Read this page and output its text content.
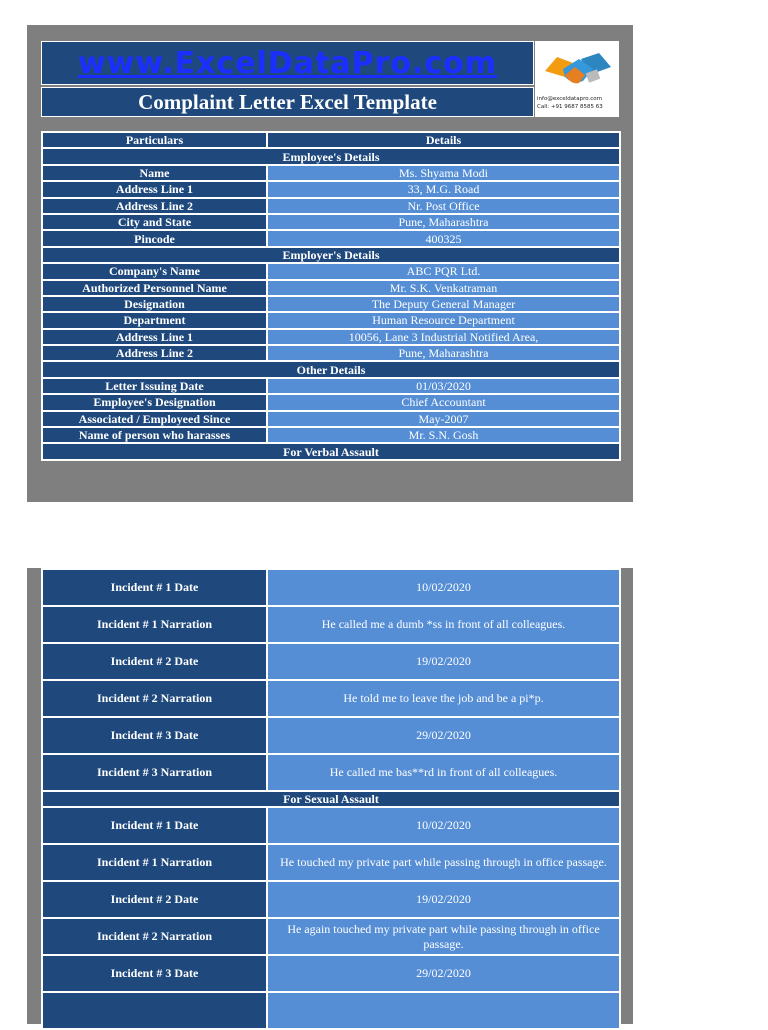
www.ExcelDataPro.com
Complaint Letter Excel Template	info@exceldatapro.com
Call: +91 9687 8585 63
Particulars	Details
Employee's Details	
Name	Ms. Shyama Modi
Address Line 1	33, M.G. Road
Address Line 2	Nr. Post Office
City and State	Pune, Maharashtra
Pincode	400325
Employer's Details	
Company's Name	ABC PQR Ltd.
Authorized Personnel Name	Mr. S.K. Venkatraman
Designation	The Deputy General Manager
Department	Human Resource Department
Address Line 1	10056, Lane 3 Industrial Notified Area,
Address Line 2	Pune, Maharashtra
Other Details	
Letter Issuing Date	01/03/2020
Employee's Designation	Chief Accountant
Associated / Employeed Since	May-2007
Name of person who harasses	Mr. S.N. Gosh
For Verbal Assault	
Incident # 1 Date	10/02/2020
Incident # 1 Narration	He called me a dumb *ss in front of all colleagues.
Incident # 2 Date	19/02/2020
Incident # 2 Narration	He told me to leave the job and be a pi*p.
Incident # 3 Date	29/02/2020
Incident # 3 Narration	He called me bas**rd in front of all colleagues.
For Sexual Assault	
Incident # 1 Date	10/02/2020
Incident # 1 Narration	He touched my private part while passing through in office passage.
Incident # 2 Date	19/02/2020
Incident # 2 Narration	He again touched my private part while passing through in office passage.
Incident # 3 Date	29/02/2020
